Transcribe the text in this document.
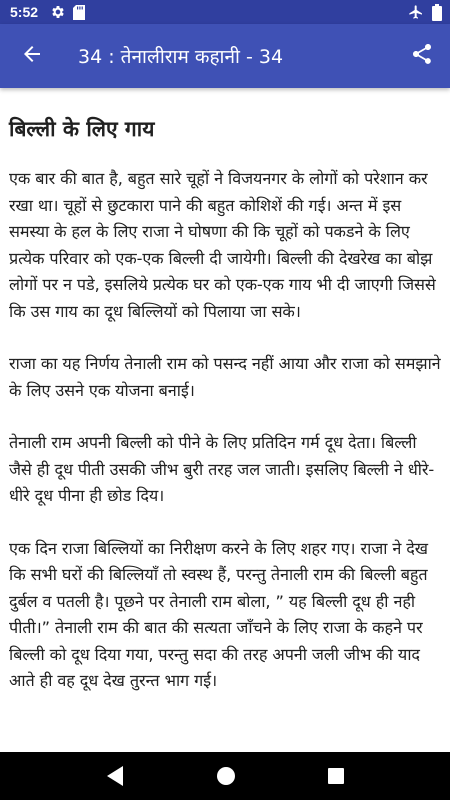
5:52
34 : तेनालीराम कहानी - 34
बिल्ली के लिए गाय

एक बार की बात है, बहुत सारे चूहों ने विजयनगर के लोगों को परेशान कर रखा था। चूहों से छुटकारा पाने की बहुत कोशिशें की गई। अन्त में इस समस्या के हल के लिए राजा ने घोषणा की कि चूहों को पकडने के लिए प्रत्येक परिवार को एक-एक बिल्ली दी जायेगी। बिल्ली की देखरेख का बोझ लोगों पर न पडे, इसलिये प्रत्येक घर को एक-एक गाय भी दी जाएगी जिससे कि उस गाय का दूध बिल्लियों को पिलाया जा सके।

राजा का यह निर्णय तेनाली राम को पसन्द नहीं आया और राजा को समझाने के लिए उसने एक योजना बनाई।

तेनाली राम अपनी बिल्ली को पीने के लिए प्रतिदिन गर्म दूध देता। बिल्ली जैसे ही दूध पीती उसकी जीभ बुरी तरह जल जाती। इसलिए बिल्ली ने धीरे-धीरे दूध पीना ही छोड दिय।

एक दिन राजा बिल्लियों का निरीक्षण करने के लिए शहर गए। राजा ने देख कि सभी घरों की बिल्लियाँ तो स्वस्थ हैं, परन्तु तेनाली राम की बिल्ली बहुत दुर्बल व पतली है। पूछने पर तेनाली राम बोला, ” यह बिल्ली दूध ही नही पीती।” तेनाली राम की बात की सत्यता जाँचने के लिए राजा के कहने पर बिल्ली को दूध दिया गया, परन्तु सदा की तरह अपनी जली जीभ की याद आते ही वह दूध देख तुरन्त भाग गई।
